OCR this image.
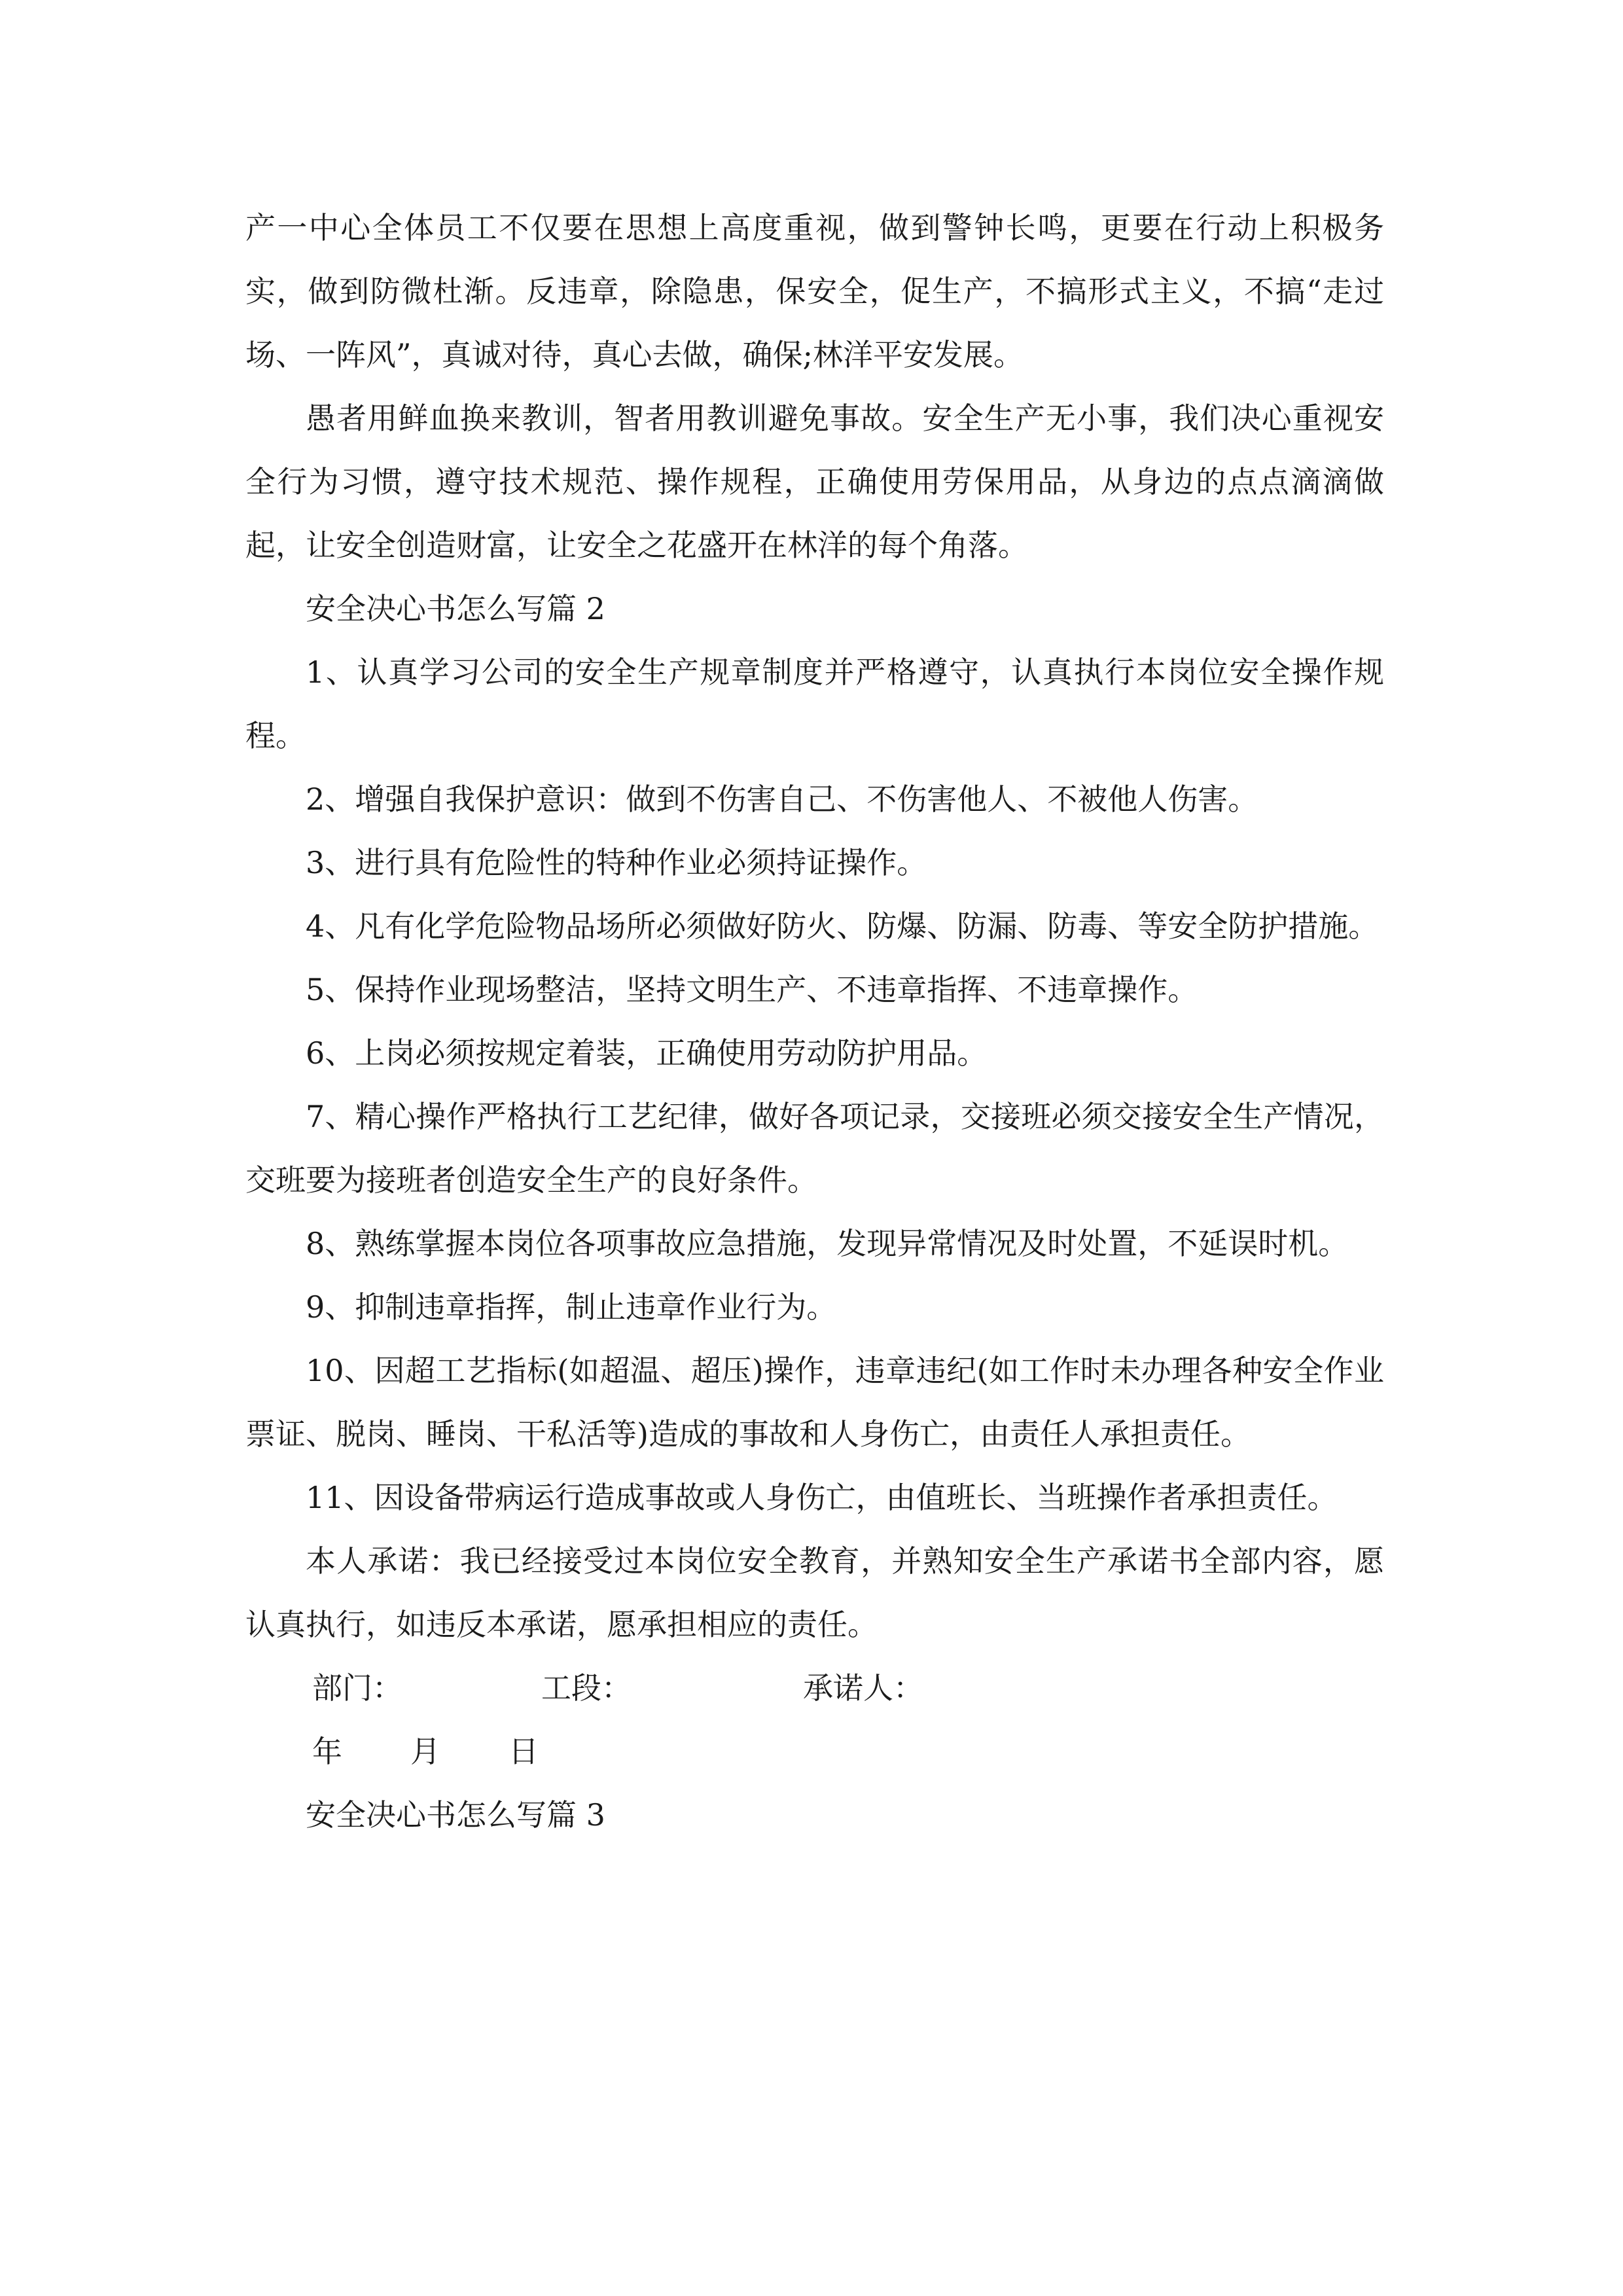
产一中心全体员工不仅要在思想上高度重视，做到警钟长鸣，更要在行动上积极务实，做到防微杜渐。反违章，除隐患，保安全，促生产，不搞形式主义，不搞“走过场、一阵风”，真诚对待，真心去做，确保;林洋平安发展。

愚者用鲜血换来教训，智者用教训避免事故。安全生产无小事，我们决心重视安全行为习惯，遵守技术规范、操作规程，正确使用劳保用品，从身边的点点滴滴做起，让安全创造财富，让安全之花盛开在林洋的每个角落。

安全决心书怎么写篇 2

1、认真学习公司的安全生产规章制度并严格遵守，认真执行本岗位安全操作规程。

2、增强自我保护意识：做到不伤害自己、不伤害他人、不被他人伤害。

3、进行具有危险性的特种作业必须持证操作。

4、凡有化学危险物品场所必须做好防火、防爆、防漏、防毒、等安全防护措施。

5、保持作业现场整洁，坚持文明生产、不违章指挥、不违章操作。

6、上岗必须按规定着装，正确使用劳动防护用品。

7、精心操作严格执行工艺纪律，做好各项记录，交接班必须交接安全生产情况，交班要为接班者创造安全生产的良好条件。

8、熟练掌握本岗位各项事故应急措施，发现异常情况及时处置，不延误时机。

9、抑制违章指挥，制止违章作业行为。

10、因超工艺指标(如超温、超压)操作，违章违纪(如工作时未办理各种安全作业票证、脱岗、睡岗、干私活等)造成的事故和人身伤亡，由责任人承担责任。

11、因设备带病运行造成事故或人身伤亡，由值班长、当班操作者承担责任。

本人承诺：我已经接受过本岗位安全教育，并熟知安全生产承诺书全部内容，愿认真执行，如违反本承诺，愿承担相应的责任。

部门：	工段：	承诺人：
年 月 日

安全决心书怎么写篇 3
